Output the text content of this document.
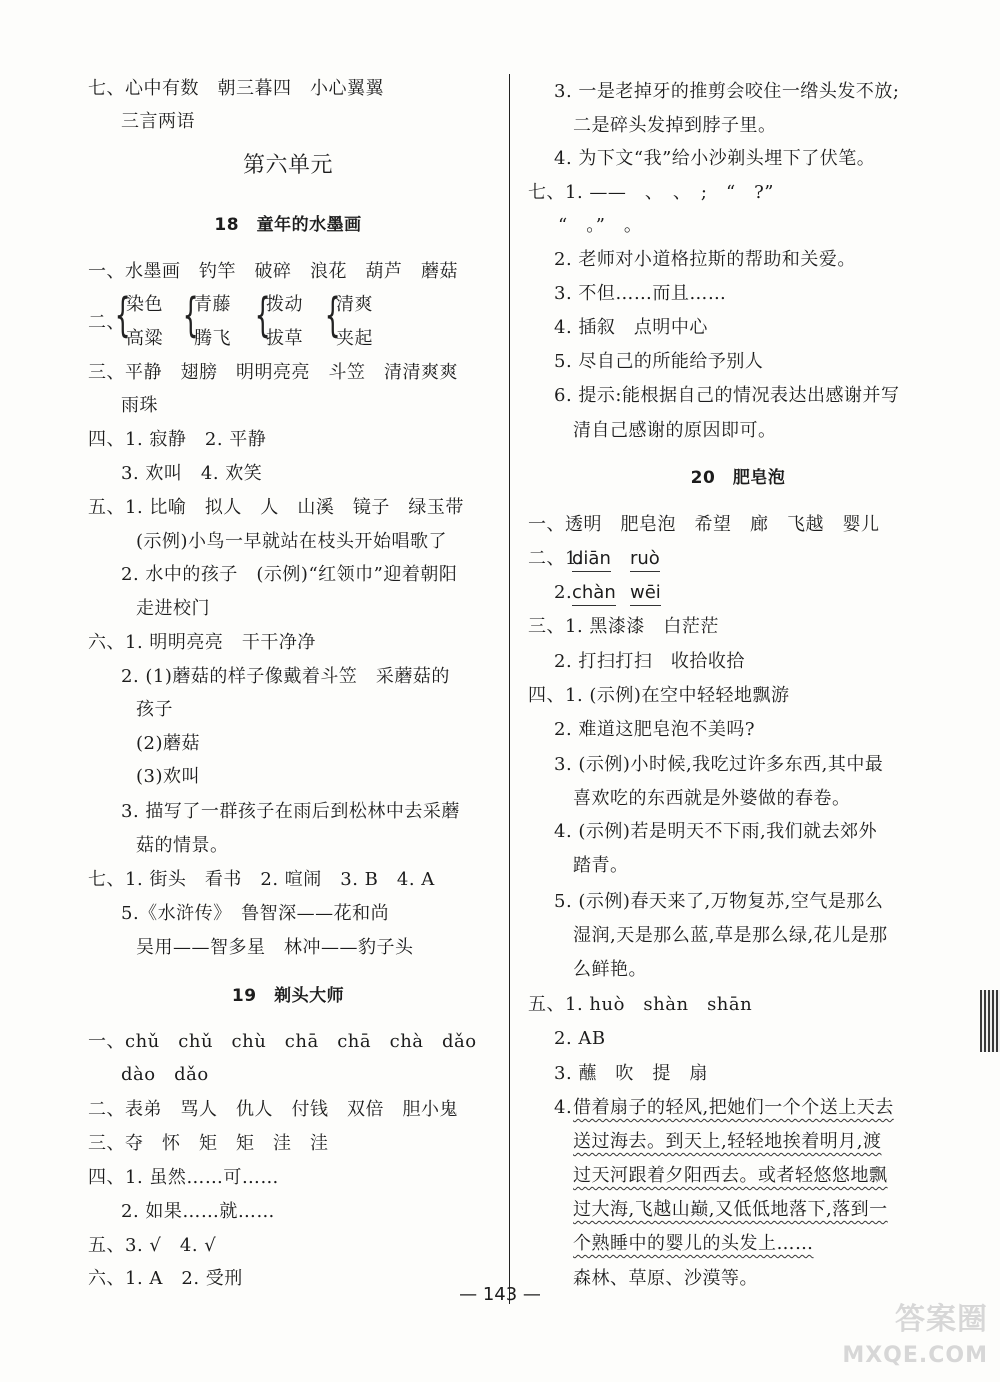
七、心中有数　朝三暮四　小心翼翼
三言两语
第六单元
18　童年的水墨画
一、水墨画　钓竿　破碎　浪花　葫芦　蘑菇
二、
{
染色
高粱 {
青藤
腾飞 {
拨动
拔草 {
清爽
夹起
三、平静　翅膀　明明亮亮　斗笠　清清爽爽
雨珠
四、1. 寂静　2. 平静
3. 欢叫　4. 欢笑
五、1. 比喻　拟人　人　山溪　镜子　绿玉带
(示例)小鸟一早就站在枝头开始唱歌了
2. 水中的孩子　(示例)“红领巾”迎着朝阳
走进校门
六、1. 明明亮亮　干干净净
2. (1)蘑菇的样子像戴着斗笠　采蘑菇的
孩子
(2)蘑菇
(3)欢叫
3. 描写了一群孩子在雨后到松林中去采蘑
菇的情景。
七、1. 街头　看书　2. 喧闹　3. B　4. A
5.《水浒传》　鲁智深——花和尚
吴用——智多星　林冲——豹子头
19　剃头大师
一、chǔ　chǔ　chù　chā　chā　chà　dǎo
dào　dǎo
二、表弟　骂人　仇人　付钱　双倍　胆小鬼
三、夺　怀　矩　矩　洼　洼
四、1. 虽然……可……
2. 如果……就……
五、3. √　4. √
六、1. A　2. 受刑
3. 一是老掉牙的推剪会咬住一绺头发不放;
二是碎头发掉到脖子里。
4. 为下文“我”给小沙剃头埋下了伏笔。
七、1. ——　、　、　;　“　?”
“　。”　。
2. 老师对小道格拉斯的帮助和关爱。
3. 不但……而且……
4. 插叙　点明中心
5. 尽自己的所能给予别人
6. 提示:能根据自己的情况表达出感谢并写
清自己感谢的原因即可。
20　肥皂泡
一、透明　肥皂泡　希望　廊　飞越　婴儿
二、1.
diān ruò
2. chàn wēi
三、1. 黑漆漆　白茫茫
2. 打扫打扫　收拾收拾
四、1. (示例)在空中轻轻地飘游
2. 难道这肥皂泡不美吗?
3. (示例)小时候,我吃过许多东西,其中最
喜欢吃的东西就是外婆做的春卷。
4. (示例)若是明天不下雨,我们就去郊外
踏青。
5. (示例)春天来了,万物复苏,空气是那么
湿润,天是那么蓝,草是那么绿,花儿是那
么鲜艳。
五、1. huò　shàn　shān
2. AB
3. 蘸　吹　提　扇
4. 借着扇子的轻风,把她们一个个送上天去
送过海去。到天上,轻轻地挨着明月,渡
过天河跟着夕阳西去。或者轻悠悠地飘
过大海,飞越山巅,又低低地落下,落到一
个熟睡中的婴儿的头发上……
森林、草原、沙漠等。
— 143 —
答案圈
MXQE.COM
